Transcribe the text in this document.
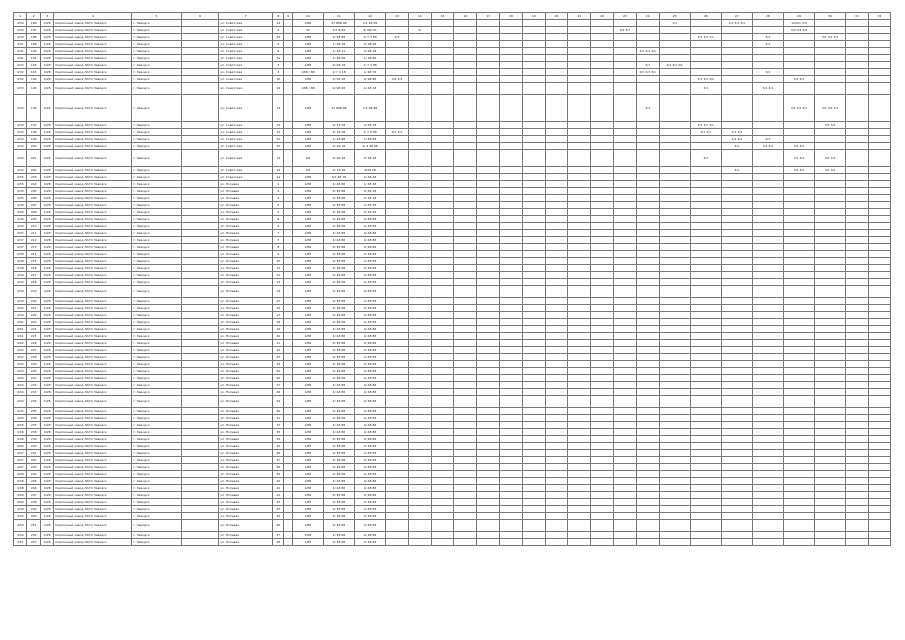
1	2	3	4	5	6	7	8	9	10	11	12	13	14	15	16	17	18	19	20	21	22	23	24	25	26	27	28	29	30	31	32
4/30	186	4/28	Кирпичный завод ЛАГО Заводск	г. Заводск		ул. Советская	14		1/88	47 888 98	1/1 48 58													1/1		1/1 3/1 3/1		10/0/1 3/4			
4/30	187	4/28	Кирпичный завод ЛАГО Заводск	г. Заводск		ул. Советская	2		34	1/7 8/49	4/ 68/ 91		4/									3/1 3/1						3/4 3/4 3/4			
4/30	188	4/28	Кирпичный завод ЛАГО Заводск	г. Заводск		ул. Советская	34		1/88	1/ 98 88	1/ 7 4 88	4/3													3/1 3/4 1/1		3/1		3/1 3/1 3/1		
4/31	189	4/28	Кирпичный завод ЛАГО Заводск	г. Заводск		ул. Советская	4		1/88	1/ 98 28	4/ 98 28																3/1				
4/31	190	4/28	Кирпичный завод ЛАГО Заводск	г. Заводск		ул. Советская	8		1/88	1/ 48 11	4/ 98 28												3/1 3/1 3/1								
4/31	191	4/28	Кирпичный завод ЛАГО Заводск	г. Заводск		ул. Советская	7a		1/88	1/ 48 88	1/ 98 88																				
4/32	192	4/28	Кирпичный завод ЛАГО Заводск	г. Заводск		ул. Советская	3		1/88	4/ 98 18	1/ 7 4 88												3/1	3/1 3/1 3/1							
4/32	193	4/28	Кирпичный завод ЛАГО Заводск	г. Заводск		ул. Советская	4		1/88 / 88	1/ 7 4 18	1/ 48 78												3/1 3/1 3/1				3/1				
4/32	194	4/28	Кирпичный завод ЛАГО Заводск	г. Заводск		ул. Советская	10		1/88	4/ 98 18	4/ 98 88	3/4 3/4													3/1 3/1 3/4			3/1 3/1			
4/33	195	4/28	Кирпичный завод ЛАГО Заводск	г. Заводск		ул. Советская	14		1/88 / 88	4/ 98 48	1/ 48 18														3/1		3/1 3/1				
4/33	196	4/28	Кирпичный завод ЛАГО Заводск	г. Заводск		ул. Советская	13		1/88	47 888 98	1/1 98 88												3/1					3/1 3/1 3/1	3/1 3/1 3/1		
4/33	197	4/28	Кирпичный завод ЛАГО Заводск	г. Заводск		ул. Советская	14		1/88	4/ 18 28	4/ 98 18														3/1 3/1 3/1				3/1 3/1		
4/33	198	4/28	Кирпичный завод ЛАГО Заводск	г. Заводск		ул. Советская	13		1/88	4/ 18 28	1/ 7 8 88	3/1 3/1													3/1 3/1	3/1 3/4					
4/33	199	4/28	Кирпичный завод ЛАГО Заводск	г. Заводск		ул. Советская	15		1/88	1/ 98 88	1/ 48 88															3/1 3/1	3/1				
4/34	200	4/28	Кирпичный завод ЛАГО Заводск	г. Заводск		ул. Советская	15		1/88	4/ 98 18	4/ 4 48 88															3/1	3/1 3/1	3/1 3/1			
4/34	201	4/28	Кирпичный завод ЛАГО Заводск	г. Заводск		ул. Советская	13		1/8	4/ 98 28	4/ 98 28														3/1			3/1 3/1	3/1 3/1		
4/34	202	4/28	Кирпичный завод ЛАГО Заводск	г. Заводск		ул. Советская	14		1/8	4/ 18 48	4/48 28															3/1		3/1 3/1	3/1 3/1		
4/35	203	4/28	Кирпичный завод ЛАГО Заводск	г. Заводск		ул. Советская	14		1/88	4/1 48 18	4/ 48 28																				
4/35	204	4/28	Кирпичный завод ЛАГО Заводск	г. Заводск		ул. Полевая	1		1/88	4/ 48 88	1/ 48 28																				
4/35	205	4/28	Кирпичный завод ЛАГО Заводск	г. Заводск		ул. Полевая	4		1/88	4/ 48 88	4/ 48 18																				
4/35	206	4/28	Кирпичный завод ЛАГО Заводск	г. Заводск		ул. Полевая	4		1/88	4/ 48 88	4/ 48 18																				
4/36	207	4/28	Кирпичный завод ЛАГО Заводск	г. Заводск		ул. Полевая	5		1/88	4/ 48 88	4/ 48 28																				
4/36	208	4/28	Кирпичный завод ЛАГО Заводск	г. Заводск		ул. Полевая	5		1/88	4/ 48 88	4/ 48 28																				
4/36	209	4/28	Кирпичный завод ЛАГО Заводск	г. Заводск		ул. Полевая	6		1/88	4/ 48 88	4/ 48 88																				
4/36	210	4/28	Кирпичный завод ЛАГО Заводск	г. Заводск		ул. Полевая	6		1/88	4/ 48 88	4/ 48 88																				
4/37	211	4/28	Кирпичный завод ЛАГО Заводск	г. Заводск		ул. Полевая	7		1/88	4/ 48 88	4/ 48 88																				
4/37	212	4/28	Кирпичный завод ЛАГО Заводск	г. Заводск		ул. Полевая	7		1/88	4/ 48 88	4/ 48 88																				
4/37	213	4/28	Кирпичный завод ЛАГО Заводск	г. Заводск		ул. Полевая	8		1/88	4/ 48 88	4/ 48 88																				
4/38	214	4/28	Кирпичный завод ЛАГО Заводск	г. Заводск		ул. Полевая	9		1/88	4/ 48 88	4/ 48 88																				
4/38	215	4/28	Кирпичный завод ЛАГО Заводск	г. Заводск		ул. Полевая	10		1/88	4/ 48 88	4/ 48 88																				
4/38	216	4/28	Кирпичный завод ЛАГО Заводск	г. Заводск		ул. Полевая	11		1/88	4/ 48 88	4/ 48 88																				
4/39	217	4/28	Кирпичный завод ЛАГО Заводск	г. Заводск		ул. Полевая	12		1/88	4/ 48 88	4/ 48 88																				
4/39	218	4/28	Кирпичный завод ЛАГО Заводск	г. Заводск		ул. Полевая	13		1/88	4/ 48 88	4/ 48 88																				
4/39	219	4/28	Кирпичный завод ЛАГО Заводск	г. Заводск		ул. Полевая	14		1/88	4/ 48 88	4/ 48 88																				
4/40	220	4/28	Кирпичный завод ЛАГО Заводск	г. Заводск		ул. Полевая	15		1/88	4/ 48 88	4/ 48 88																				
4/40	221	4/28	Кирпичный завод ЛАГО Заводск	г. Заводск		ул. Полевая	16		1/88	4/ 48 88	4/ 48 88																				
4/40	222	4/28	Кирпичный завод ЛАГО Заводск	г. Заводск		ул. Полевая	17		1/88	4/ 48 88	4/ 48 88																				
4/41	223	4/28	Кирпичный завод ЛАГО Заводск	г. Заводск		ул. Полевая	18		1/88	4/ 48 88	4/ 48 88																				
4/41	224	4/28	Кирпичный завод ЛАГО Заводск	г. Заводск		ул. Полевая	19		1/88	4/ 48 88	4/ 48 88																				
4/41	225	4/28	Кирпичный завод ЛАГО Заводск	г. Заводск		ул. Полевая	20		1/88	4/ 48 88	4/ 48 88																				
4/42	226	4/28	Кирпичный завод ЛАГО Заводск	г. Заводск		ул. Полевая	21		1/88	4/ 48 88	4/ 48 88																				
4/42	227	4/28	Кирпичный завод ЛАГО Заводск	г. Заводск		ул. Полевая	22		1/88	4/ 48 88	4/ 48 88																				
4/42	228	4/28	Кирпичный завод ЛАГО Заводск	г. Заводск		ул. Полевая	23		1/88	4/ 48 88	4/ 48 88																				
4/43	229	4/28	Кирпичный завод ЛАГО Заводск	г. Заводск		ул. Полевая	24		1/88	4/ 48 88	4/ 48 88																				
4/43	230	4/28	Кирпичный завод ЛАГО Заводск	г. Заводск		ул. Полевая	25		1/88	4/ 48 88	4/ 48 88																				
4/43	231	4/28	Кирпичный завод ЛАГО Заводск	г. Заводск		ул. Полевая	26		1/88	4/ 48 88	4/ 48 88																				
4/44	232	4/28	Кирпичный завод ЛАГО Заводск	г. Заводск		ул. Полевая	27		1/88	4/ 48 88	4/ 48 88																				
4/44	233	4/28	Кирпичный завод ЛАГО Заводск	г. Заводск		ул. Полевая	28		1/88	4/ 48 88	4/ 48 88																				
4/44	234	4/28	Кирпичный завод ЛАГО Заводск	г. Заводск		ул. Полевая	29		1/88	4/ 48 88	4/ 48 88																				
4/45	235	4/28	Кирпичный завод ЛАГО Заводск	г. Заводск		ул. Полевая	30		1/88	4/ 48 88	4/ 48 88																				
4/45	236	4/28	Кирпичный завод ЛАГО Заводск	г. Заводск		ул. Полевая	31		1/88	4/ 48 88	4/ 48 88																				
4/45	237	4/28	Кирпичный завод ЛАГО Заводск	г. Заводск		ул. Полевая	32		1/88	4/ 48 88	4/ 48 88																				
4/46	238	4/28	Кирпичный завод ЛАГО Заводск	г. Заводск		ул. Полевая	33		1/88	4/ 48 88	4/ 48 88																				
4/46	239	4/28	Кирпичный завод ЛАГО Заводск	г. Заводск		ул. Полевая	34		1/88	4/ 48 88	4/ 48 88																				
4/46	240	4/28	Кирпичный завод ЛАГО Заводск	г. Заводск		ул. Полевая	35		1/88	4/ 48 88	4/ 48 88																				
4/47	241	4/28	Кирпичный завод ЛАГО Заводск	г. Заводск		ул. Полевая	36		1/88	4/ 48 88	4/ 48 88																				
4/47	242	4/28	Кирпичный завод ЛАГО Заводск	г. Заводск		ул. Полевая	37		1/88	4/ 48 88	4/ 48 88																				
4/47	243	4/28	Кирпичный завод ЛАГО Заводск	г. Заводск		ул. Полевая	38		1/88	4/ 48 88	4/ 48 88																				
4/48	244	4/28	Кирпичный завод ЛАГО Заводск	г. Заводск		ул. Полевая	39		1/88	4/ 48 88	4/ 48 88																				
4/48	245	4/28	Кирпичный завод ЛАГО Заводск	г. Заводск		ул. Полевая	40		1/88	4/ 48 88	4/ 48 88																				
4/48	246	4/28	Кирпичный завод ЛАГО Заводск	г. Заводск		ул. Полевая	41		1/88	4/ 48 88	4/ 48 88																				
4/49	247	4/28	Кирпичный завод ЛАГО Заводск	г. Заводск		ул. Полевая	42		1/88	4/ 48 88	4/ 48 88																				
4/49	248	4/28	Кирпичный завод ЛАГО Заводск	г. Заводск		ул. Полевая	43		1/88	4/ 48 88	4/ 48 88																				
4/49	249	4/28	Кирпичный завод ЛАГО Заводск	г. Заводск		ул. Полевая	44		1/88	4/ 48 88	4/ 48 88																				
4/50	250	4/28	Кирпичный завод ЛАГО Заводск	г. Заводск		ул. Полевая	45		1/88	4/ 48 88	4/ 48 88																				
4/50	251	4/28	Кирпичный завод ЛАГО Заводск	г. Заводск		ул. Полевая	46		1/88	4/ 48 88	4/ 48 88																				
4/50	252	4/28	Кирпичный завод ЛАГО Заводск	г. Заводск		ул. Полевая	47		1/88	4/ 48 88	4/ 48 88																				
4/51	253	4/28	Кирпичный завод ЛАГО Заводск	г. Заводск		ул. Полевая	48		1/88	4/ 48 88	4/ 48 88																				
